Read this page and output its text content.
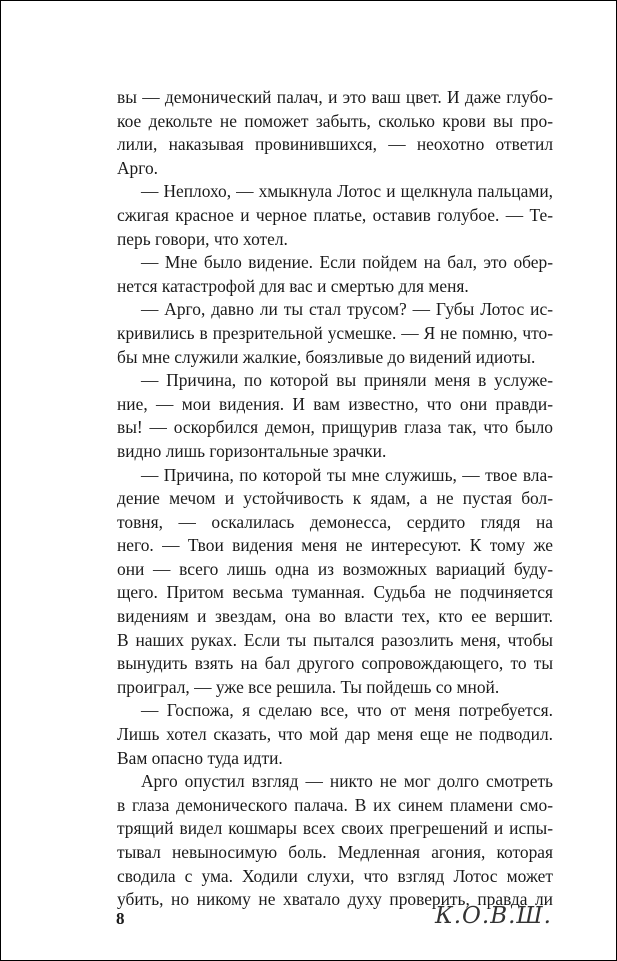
вы — демонический палач, и это ваш цвет. И даже глубо-
кое декольте не поможет забыть, сколько крови вы про-
лили, наказывая провинившихся, — неохотно ответил
Арго.
— Неплохо, — хмыкнула Лотос и щелкнула пальцами,
сжигая красное и черное платье, оставив голубое. — Те-
перь говори, что хотел.
— Мне было видение. Если пойдем на бал, это обер-
нется катастрофой для вас и смертью для меня.
— Арго, давно ли ты стал трусом? — Губы Лотос ис-
кривились в презрительной усмешке. — Я не помню, что-
бы мне служили жалкие, боязливые до видений идиоты.
— Причина, по которой вы приняли меня в услуже-
ние, — мои видения. И вам известно, что они правди-
вы! — оскорбился демон, прищурив глаза так, что было
видно лишь горизонтальные зрачки.
— Причина, по которой ты мне служишь, — твое вла-
дение мечом и устойчивость к ядам, а не пустая бол-
товня, — оскалилась демонесса, сердито глядя на
него. — Твои видения меня не интересуют. К тому же
они — всего лишь одна из возможных вариаций буду-
щего. Притом весьма туманная. Судьба не подчиняется
видениям и звездам, она во власти тех, кто ее вершит.
В наших руках. Если ты пытался разозлить меня, чтобы
вынудить взять на бал другого сопровождающего, то ты
проиграл, — уже все решила. Ты пойдешь со мной.
— Госпожа, я сделаю все, что от меня потребуется.
Лишь хотел сказать, что мой дар меня еще не подводил.
Вам опасно туда идти.
Арго опустил взгляд — никто не мог долго смотреть
в глаза демонического палача. В их синем пламени смо-
трящий видел кошмары всех своих прегрешений и испы-
тывал невыносимую боль. Медленная агония, которая
сводила с ума. Ходили слухи, что взгляд Лотос может
убить, но никому не хватало духу проверить, правда ли
8	К.О.В.Ш.
